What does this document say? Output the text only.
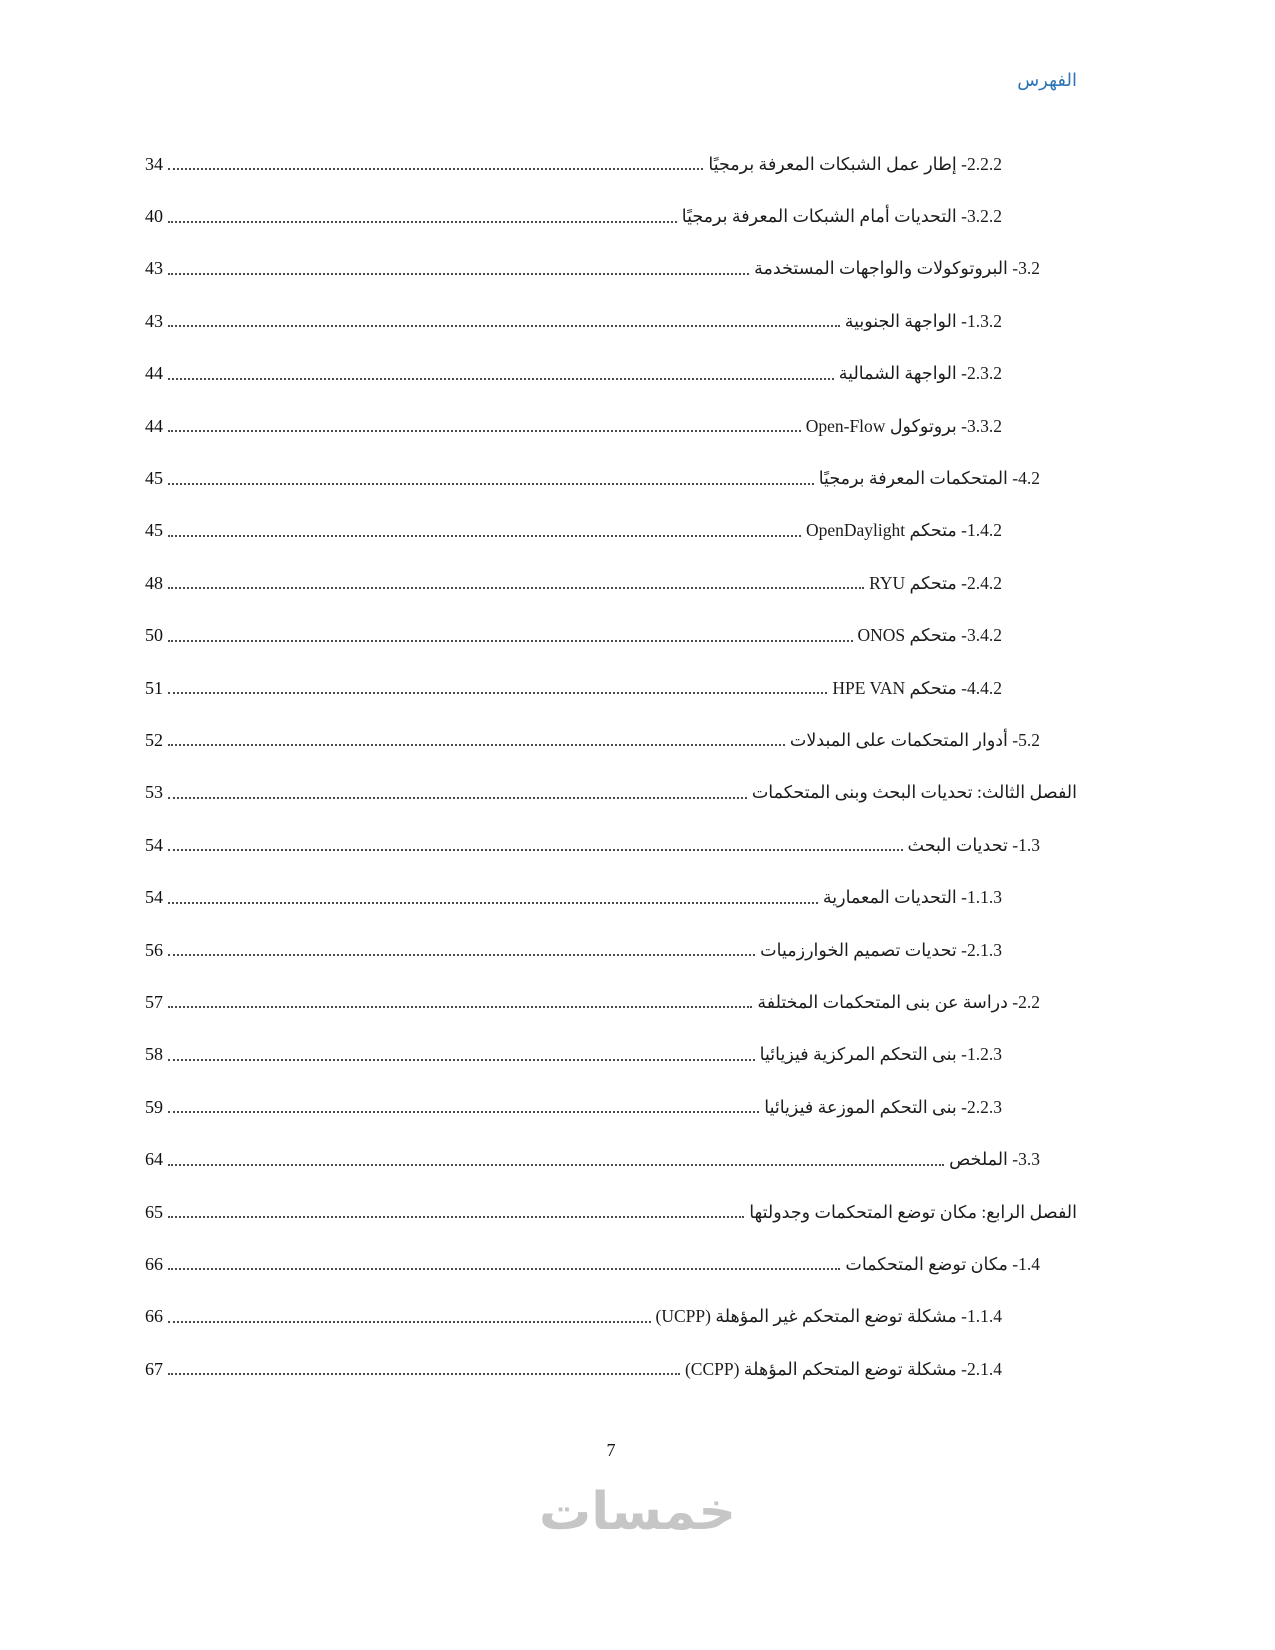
الفهرس
2.2.2- إطار عمل الشبكات المعرفة برمجيًا
34
3.2.2- التحديات أمام الشبكات المعرفة برمجيًا
40
3.2- البروتوكولات والواجهات المستخدمة
43
1.3.2- الواجهة الجنوبية
43
2.3.2- الواجهة الشمالية
44
3.3.2- بروتوكول Open-Flow
44
4.2- المتحكمات المعرفة برمجيًا
45
1.4.2- متحكم OpenDaylight
45
2.4.2- متحكم RYU
48
3.4.2- متحكم ONOS
50
4.4.2- متحكم HPE VAN
51
5.2- أدوار المتحكمات على المبدلات
52
الفصل الثالث: تحديات البحث وبنى المتحكمات
53
1.3- تحديات البحث
54
1.1.3- التحديات المعمارية
54
2.1.3- تحديات تصميم الخوارزميات
56
2.2- دراسة عن بنى المتحكمات المختلفة
57
1.2.3- بنى التحكم المركزية فيزيائيا
58
2.2.3- بنى التحكم الموزعة فيزيائيا
59
3.3- الملخص
64
الفصل الرابع: مكان توضع المتحكمات وجدولتها
65
1.4- مكان توضع المتحكمات
66
1.1.4- مشكلة توضع المتحكم غير المؤهلة (UCPP)
66
2.1.4- مشكلة توضع المتحكم المؤهلة (CCPP)
67
7
خمسات
